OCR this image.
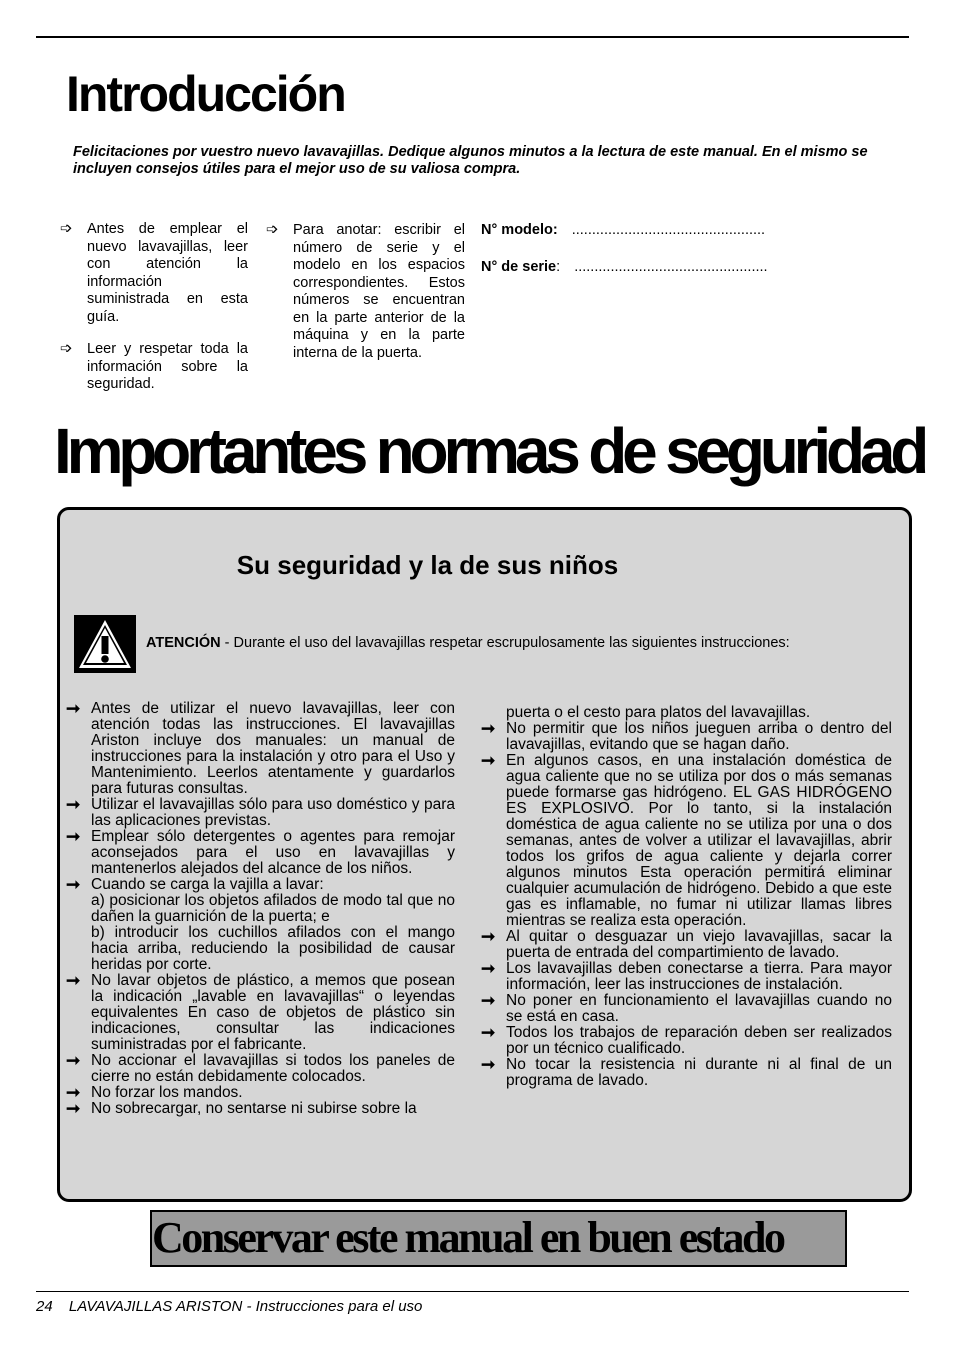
Introducción

Felicitaciones por vuestro nuevo lavavajillas. Dedique algunos minutos a la lectura de este manual. En el mismo se incluyen consejos útiles para el mejor uso de su valiosa compra.

➩ Antes de emplear el nuevo lavavajillas, leer con atención la información suministrada en esta guía.
➩ Leer y respetar toda la información sobre la seguridad.
➩ Para anotar: escribir el número de serie y el modelo en los espacios correspondientes. Estos números se encuentran en la parte anterior de la máquina y en la parte interna de la puerta.
N° modelo: ................................................
N° de serie: ................................................
Importantes normas de seguridad
Su seguridad y la de sus niños

ATENCIÓN - Durante el uso del lavavajillas respetar escrupulosamente las siguientes instrucciones:

➞ Antes de utilizar el nuevo lavavajillas, leer con atención todas las instrucciones. El lavavajillas Ariston incluye dos manuales: un manual de instrucciones para la instalación y otro para el Uso y Mantenimiento. Leerlos atentamente y guardarlos para futuras consultas.
➞ Utilizar el lavavajillas sólo para uso doméstico y para las aplicaciones previstas.
➞ Emplear sólo detergentes o agentes para remojar aconsejados para el uso en lavavajillas y mantenerlos alejados del alcance de los niños.
➞ Cuando se carga la vajilla a lavar:
a) posicionar los objetos afilados de modo tal que no dañen la guarnición de la puerta; e
b) introducir los cuchillos afilados con el mango hacia arriba, reduciendo la posibilidad de causar heridas por corte.
➞ No lavar objetos de plástico, a memos que posean la indicación „lavable en lavavajillas“ o leyendas equivalentes En caso de objetos de plástico sin indicaciones, consultar las indicaciones suministradas por el fabricante.
➞ No accionar el lavavajillas si todos los paneles de cierre no están debidamente colocados.
➞ No forzar los mandos.
➞ No sobrecargar, no sentarse ni subirse sobre la
puerta o el cesto para platos del lavavajillas.
➞ No permitir que los niños jueguen arriba o dentro del lavavajillas, evitando que se hagan daño.
➞ En algunos casos, en una instalación doméstica de agua caliente que no se utiliza por dos o más semanas puede formarse gas hidrógeno. EL GAS HIDRÓGENO ES EXPLOSIVO. Por lo tanto, si la instalación doméstica de agua caliente no se utiliza por una o dos semanas, antes de volver a utilizar el lavavajillas, abrir todos los grifos de agua caliente y dejarla correr algunos minutos Esta operación permitirá eliminar cualquier acumulación de hidrógeno. Debido a que este gas es inflamable, no fumar ni utilizar llamas libres mientras se realiza esta operación.
➞ Al quitar o desguazar un viejo lavavajillas, sacar la puerta de entrada del compartimiento de lavado.
➞ Los lavavajillas deben conectarse a tierra. Para mayor información, leer las instrucciones de instalación.
➞ No poner en funcionamiento el lavavajillas cuando no se está en casa.
➞ Todos los trabajos de reparación deben ser realizados por un técnico cualificado.
➞ No tocar la resistencia ni durante ni al final de un programa de lavado.
Conservar este manual en buen estado
24 LAVAVAJILLAS ARISTON - Instrucciones para el uso
